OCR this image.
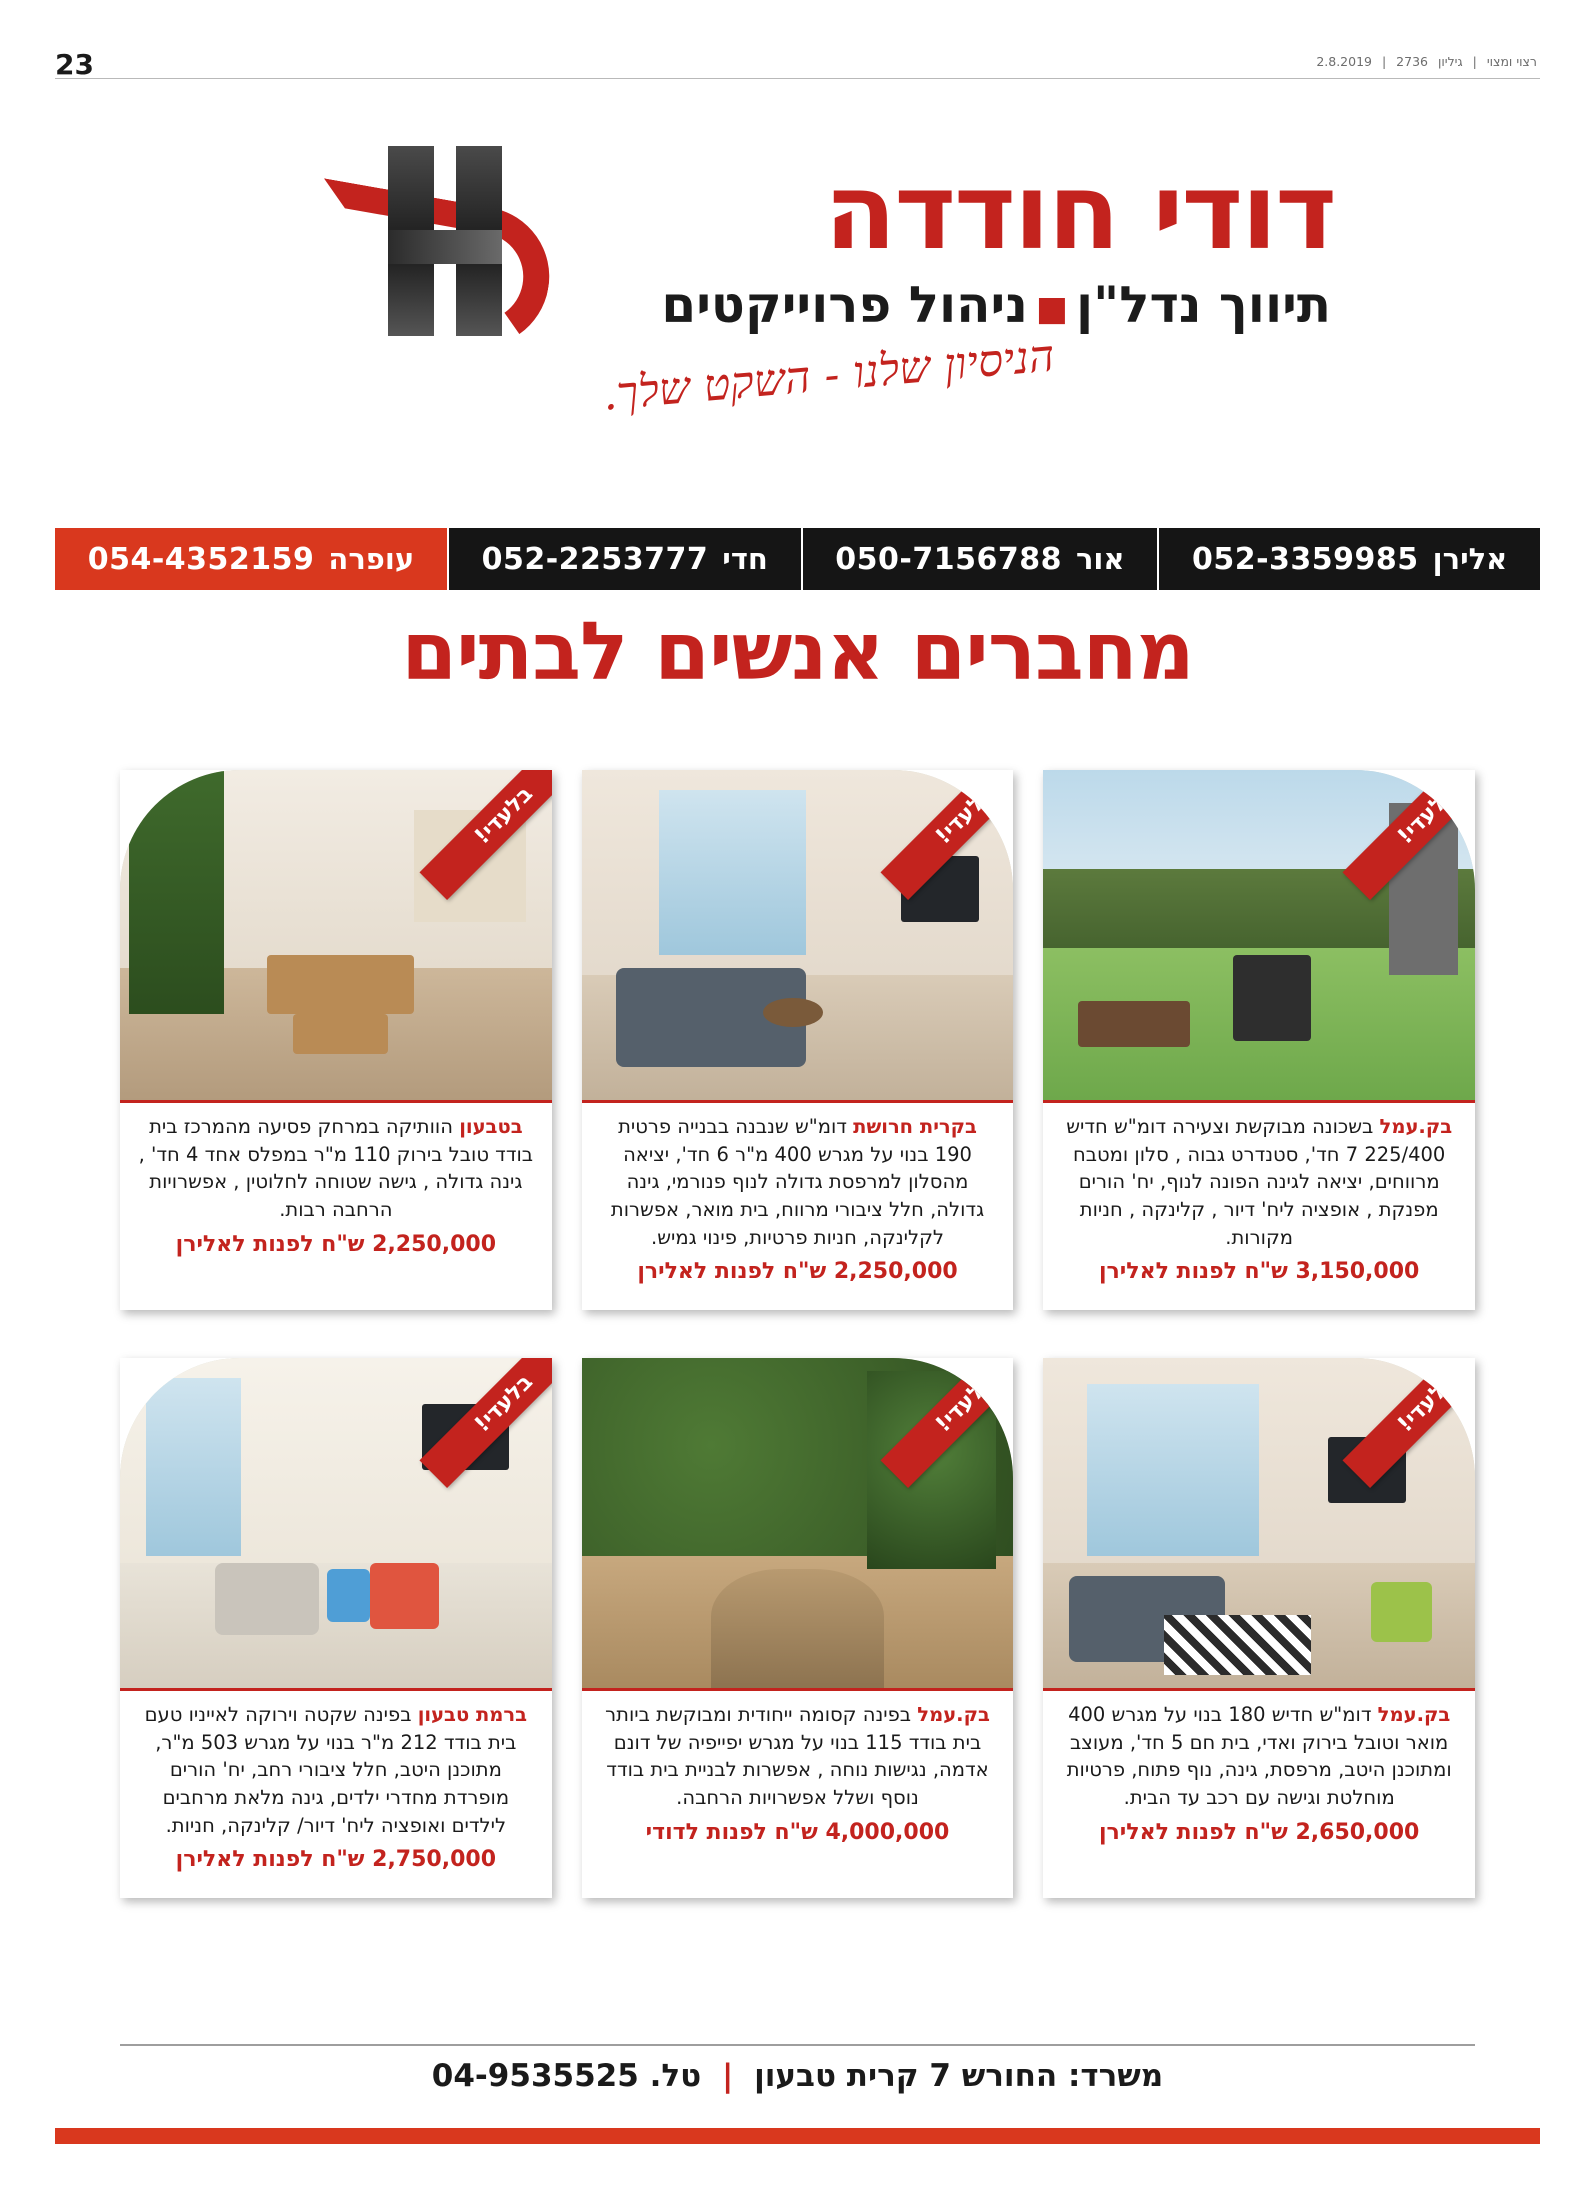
23	רצוי ומצוי | גיליון 2736 | 2.8.2019
דודי חודדה
תיווך נדל"ן■ניהול פרוייקטים
הניסיון שלנו - השקט שלך.
אלירן
052-3359985
אור
050-7156788
חדי
052-2253777
עופרה
054-4352159
מחברים אנשים לבתים
בלעדי!
בק.עמל בשכונה מבוקשת וצעירה דומ"ש חדיש 225/400 7 חד', סטנדרט גבוה , סלון ומטבח מרווחים, יציאה לגינה הפונה לנוף, יח' הורים מפנקת , אופציה ליח' דיור , קלינקה , חניות מקורות.
3,150,000 ש"ח לפנות לאלירן
בלעדי!
בקרית חרושת דומ"ש שנבנה בבנייה פרטית 190 בנוי על מגרש 400 מ"ר 6 חד', יציאה מהסלון למרפסת גדולה לנוף פנורמי, גינה גדולה, חלל ציבורי מרווח, בית מואר, אפשרות לקלינקה, חניות פרטיות, פינוי גמיש.
2,250,000 ש"ח לפנות לאלירן
בלעדי!
בטבעון הוותיקה במרחק פסיעה מהמרכז בית בודד טובל בירוק 110 מ"ר במפלס אחד 4 חד' , גינה גדולה , גישה שטוחה לחלוטין , אפשרויות הרחבה רבות.
2,250,000 ש"ח לפנות לאלירן
בלעדי!
בק.עמל דומ"ש חדיש 180 בנוי על מגרש 400 מואר וטובל בירוק ואדי, בית חם 5 חד', מעוצב ומתוכנן היטב, מרפסת, גינה, נוף פתוח, פרטיות מוחלטת וגישה עם רכב עד הבית.
2,650,000 ש"ח לפנות לאלירן
בלעדי!
בק.עמל בפינה קסומה ייחודית ומבוקשת ביותר בית בודד 115 בנוי על מגרש יפייפיה של דונם אדמה, נגישות נוחה , אפשרות לבניית בית בודד נוסף ושלל אפשרויות הרחבה.
4,000,000 ש"ח לפנות לדודי
בלעדי!
ברמת טבעון בפינה שקטה וירוקה לאייניו טעם בית בודד 212 מ"ר בנוי על מגרש 503 מ"ר, מתוכנן היטב, חלל ציבורי רחב, יח' הורים מופרדת מחדרי ילדים, גינה מלאת מרחבים לילדים ואופציה ליח' דיור/ קלינקה, חניות.
2,750,000 ש"ח לפנות לאלירן
משרד: החורש 7 קרית טבעון | טל. 04-9535525
